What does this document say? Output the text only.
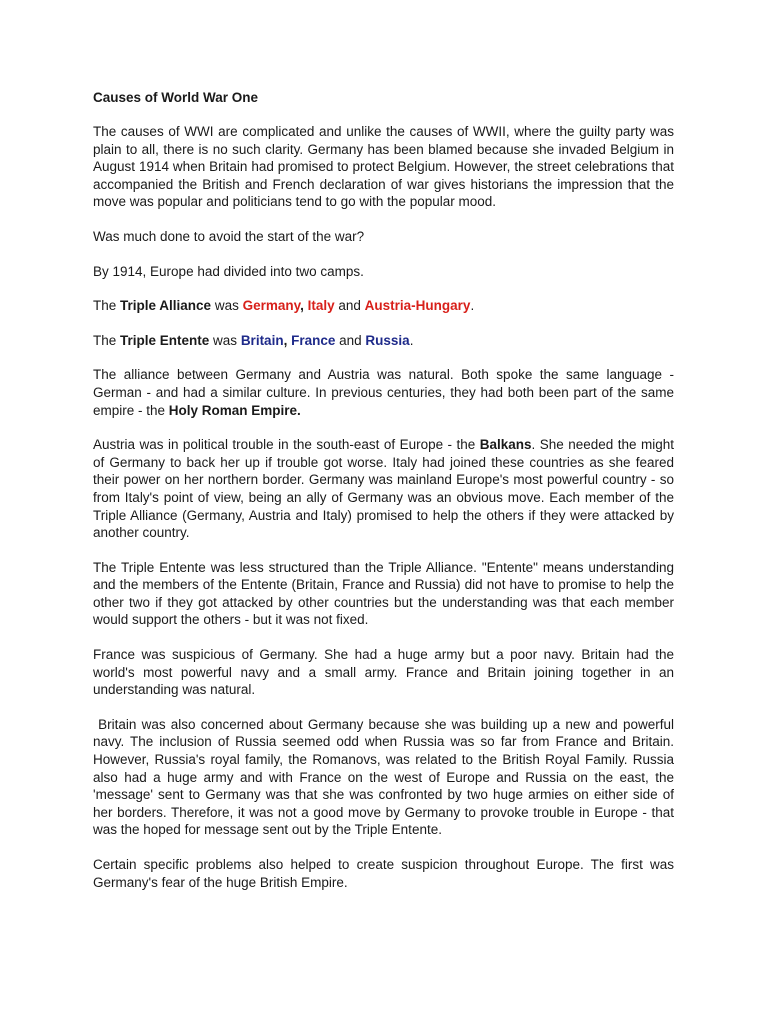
Causes of World War One

The causes of WWI are complicated and unlike the causes of WWII, where the guilty party was plain to all, there is no such clarity. Germany has been blamed because she invaded Belgium in August 1914 when Britain had promised to protect Belgium. However, the street celebrations that accompanied the British and French declaration of war gives historians the impression that the move was popular and politicians tend to go with the popular mood.

Was much done to avoid the start of the war?

By 1914, Europe had divided into two camps.

The Triple Alliance was Germany, Italy and Austria-Hungary.

The Triple Entente was Britain, France and Russia.

The alliance between Germany and Austria was natural. Both spoke the same language - German - and had a similar culture. In previous centuries, they had both been part of the same empire - the Holy Roman Empire.

Austria was in political trouble in the south-east of Europe - the Balkans. She needed the might of Germany to back her up if trouble got worse. Italy had joined these countries as she feared their power on her northern border. Germany was mainland Europe's most powerful country - so from Italy's point of view, being an ally of Germany was an obvious move. Each member of the Triple Alliance (Germany, Austria and Italy) promised to help the others if they were attacked by another country.

The Triple Entente was less structured than the Triple Alliance. "Entente" means understanding and the members of the Entente (Britain, France and Russia) did not have to promise to help the other two if they got attacked by other countries but the understanding was that each member would support the others - but it was not fixed.

France was suspicious of Germany. She had a huge army but a poor navy. Britain had the world's most powerful navy and a small army. France and Britain joining together in an understanding was natural.

Britain was also concerned about Germany because she was building up a new and powerful navy. The inclusion of Russia seemed odd when Russia was so far from France and Britain. However, Russia's royal family, the Romanovs, was related to the British Royal Family. Russia also had a huge army and with France on the west of Europe and Russia on the east, the 'message' sent to Germany was that she was confronted by two huge armies on either side of her borders. Therefore, it was not a good move by Germany to provoke trouble in Europe - that was the hoped for message sent out by the Triple Entente.

Certain specific problems also helped to create suspicion throughout Europe. The first was Germany's fear of the huge British Empire.
